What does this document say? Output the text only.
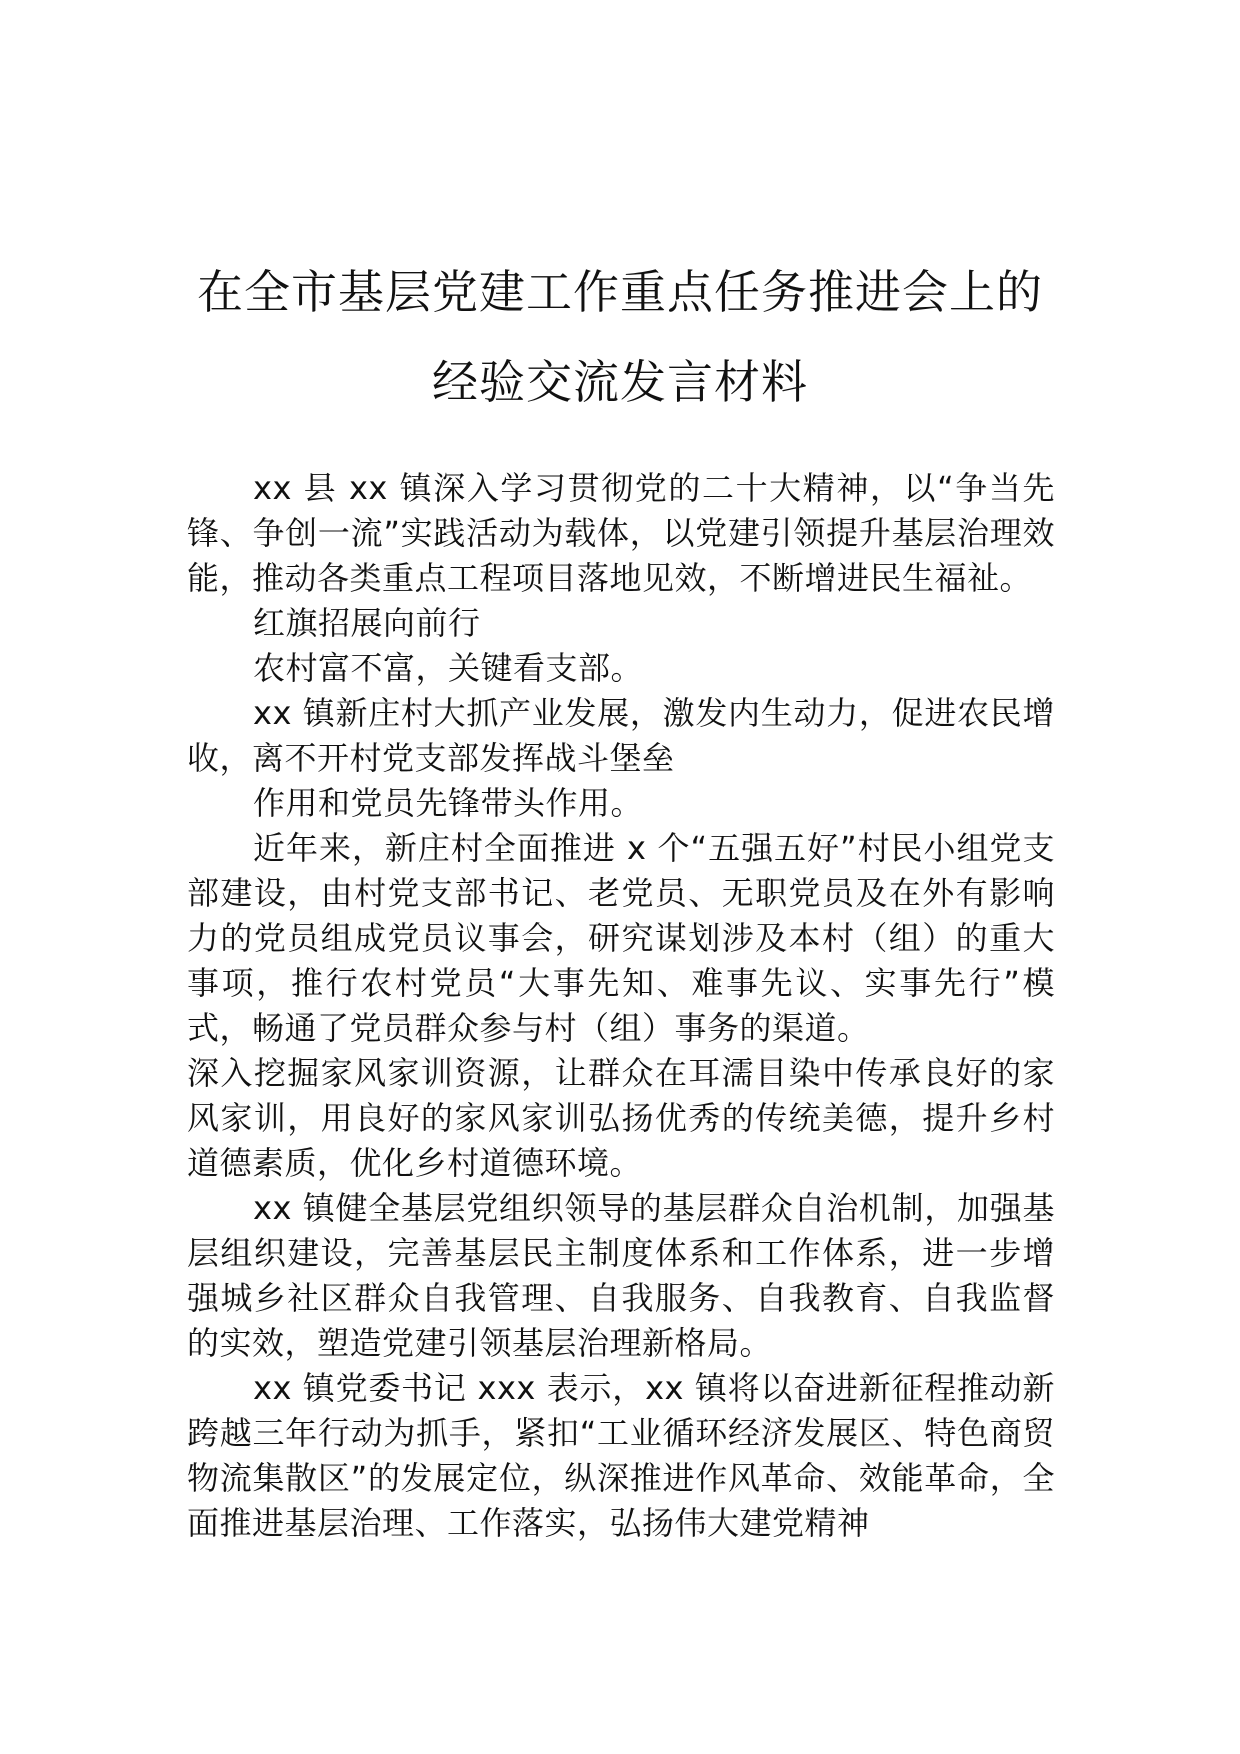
在全市基层党建工作重点任务推进会上的
经验交流发言材料

xx 县 xx 镇深入学习贯彻党的二十大精神，以“争当先锋、争创一流”实践活动为载体，以党建引领提升基层治理效能，推动各类重点工程项目落地见效，不断增进民生福祉。

红旗招展向前行

农村富不富，关键看支部。

xx 镇新庄村大抓产业发展，激发内生动力，促进农民增收，离不开村党支部发挥战斗堡垒

作用和党员先锋带头作用。

近年来，新庄村全面推进 x 个“五强五好”村民小组党支部建设，由村党支部书记、老党员、无职党员及在外有影响力的党员组成党员议事会，研究谋划涉及本村（组）的重大事项，推行农村党员“大事先知、难事先议、实事先行”模式，畅通了党员群众参与村（组）事务的渠道。

深入挖掘家风家训资源，让群众在耳濡目染中传承良好的家风家训，用良好的家风家训弘扬优秀的传统美德，提升乡村道德素质，优化乡村道德环境。

xx 镇健全基层党组织领导的基层群众自治机制，加强基层组织建设，完善基层民主制度体系和工作体系，进一步增强城乡社区群众自我管理、自我服务、自我教育、自我监督的实效，塑造党建引领基层治理新格局。

xx 镇党委书记 xxx 表示，xx 镇将以奋进新征程推动新跨越三年行动为抓手，紧扣“工业循环经济发展区、特色商贸物流集散区”的发展定位，纵深推进作风革命、效能革命，全面推进基层治理、工作落实，弘扬伟大建党精神
